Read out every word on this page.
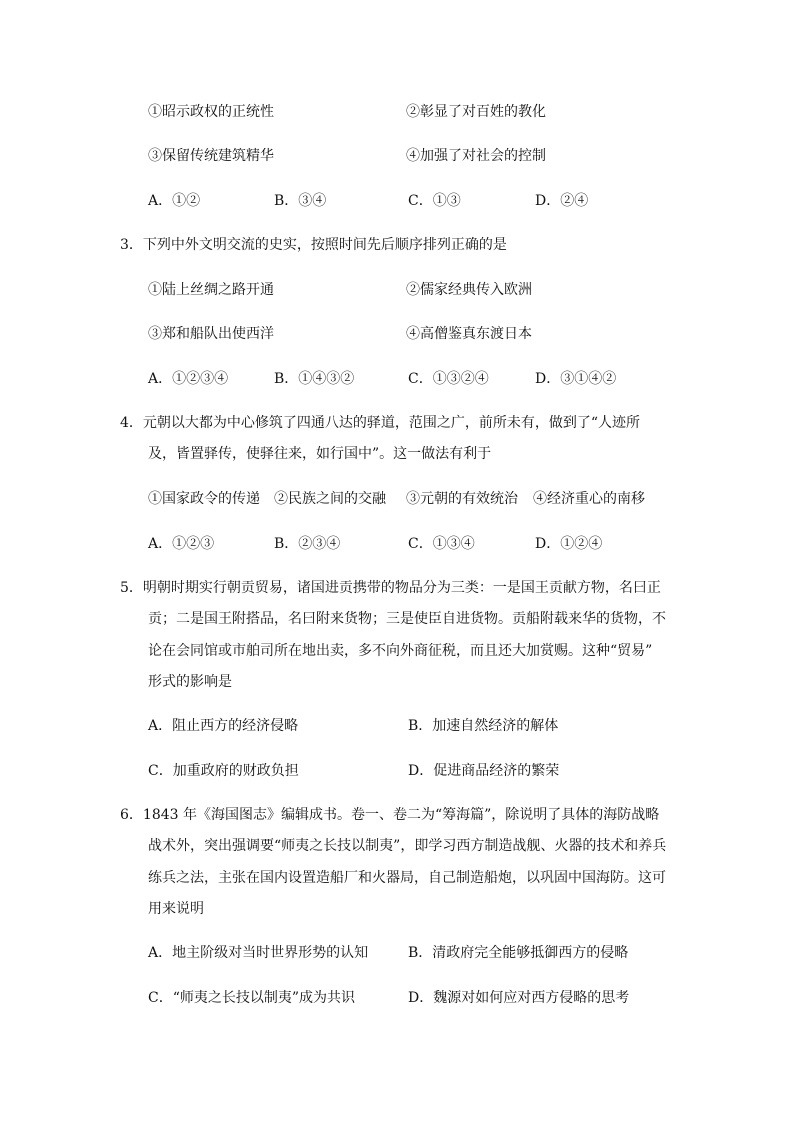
①昭示政权的正统性	②彰显了对百姓的教化
③保留传统建筑精华	④加强了对社会的控制
A．①②	B．③④	C．①③	D．②④
3．下列中外文明交流的史实，按照时间先后顺序排列正确的是
①陆上丝绸之路开通	②儒家经典传入欧洲
③郑和船队出使西洋	④高僧鉴真东渡日本
A．①②③④	B．①④③②	C．①③②④	D．③①④②
4．元朝以大都为中心修筑了四通八达的驿道，范围之广，前所未有，做到了“人迹所
及，皆置驿传，使驿往来，如行国中”。这一做法有利于
①国家政令的传递 ②民族之间的交融 ③元朝的有效统治 ④经济重心的南移
A．①②③	B．②③④	C．①③④	D．①②④
5．明朝时期实行朝贡贸易，诸国进贡携带的物品分为三类：一是国王贡献方物，名曰正
贡；二是国王附搭品，名曰附来货物；三是使臣自进货物。贡船附载来华的货物，不
论在会同馆或市舶司所在地出卖，多不向外商征税，而且还大加赏赐。这种“贸易”
形式的影响是
A．阻止西方的经济侵略	B．加速自然经济的解体
C．加重政府的财政负担	D．促进商品经济的繁荣
6．1843 年《海国图志》编辑成书。卷一、卷二为“筹海篇”，除说明了具体的海防战略
战术外，突出强调要“师夷之长技以制夷”，即学习西方制造战舰、火器的技术和养兵
练兵之法，主张在国内设置造船厂和火器局，自己制造船炮，以巩固中国海防。这可
用来说明
A．地主阶级对当时世界形势的认知	B．清政府完全能够抵御西方的侵略
C．“师夷之长技以制夷”成为共识	D．魏源对如何应对西方侵略的思考
